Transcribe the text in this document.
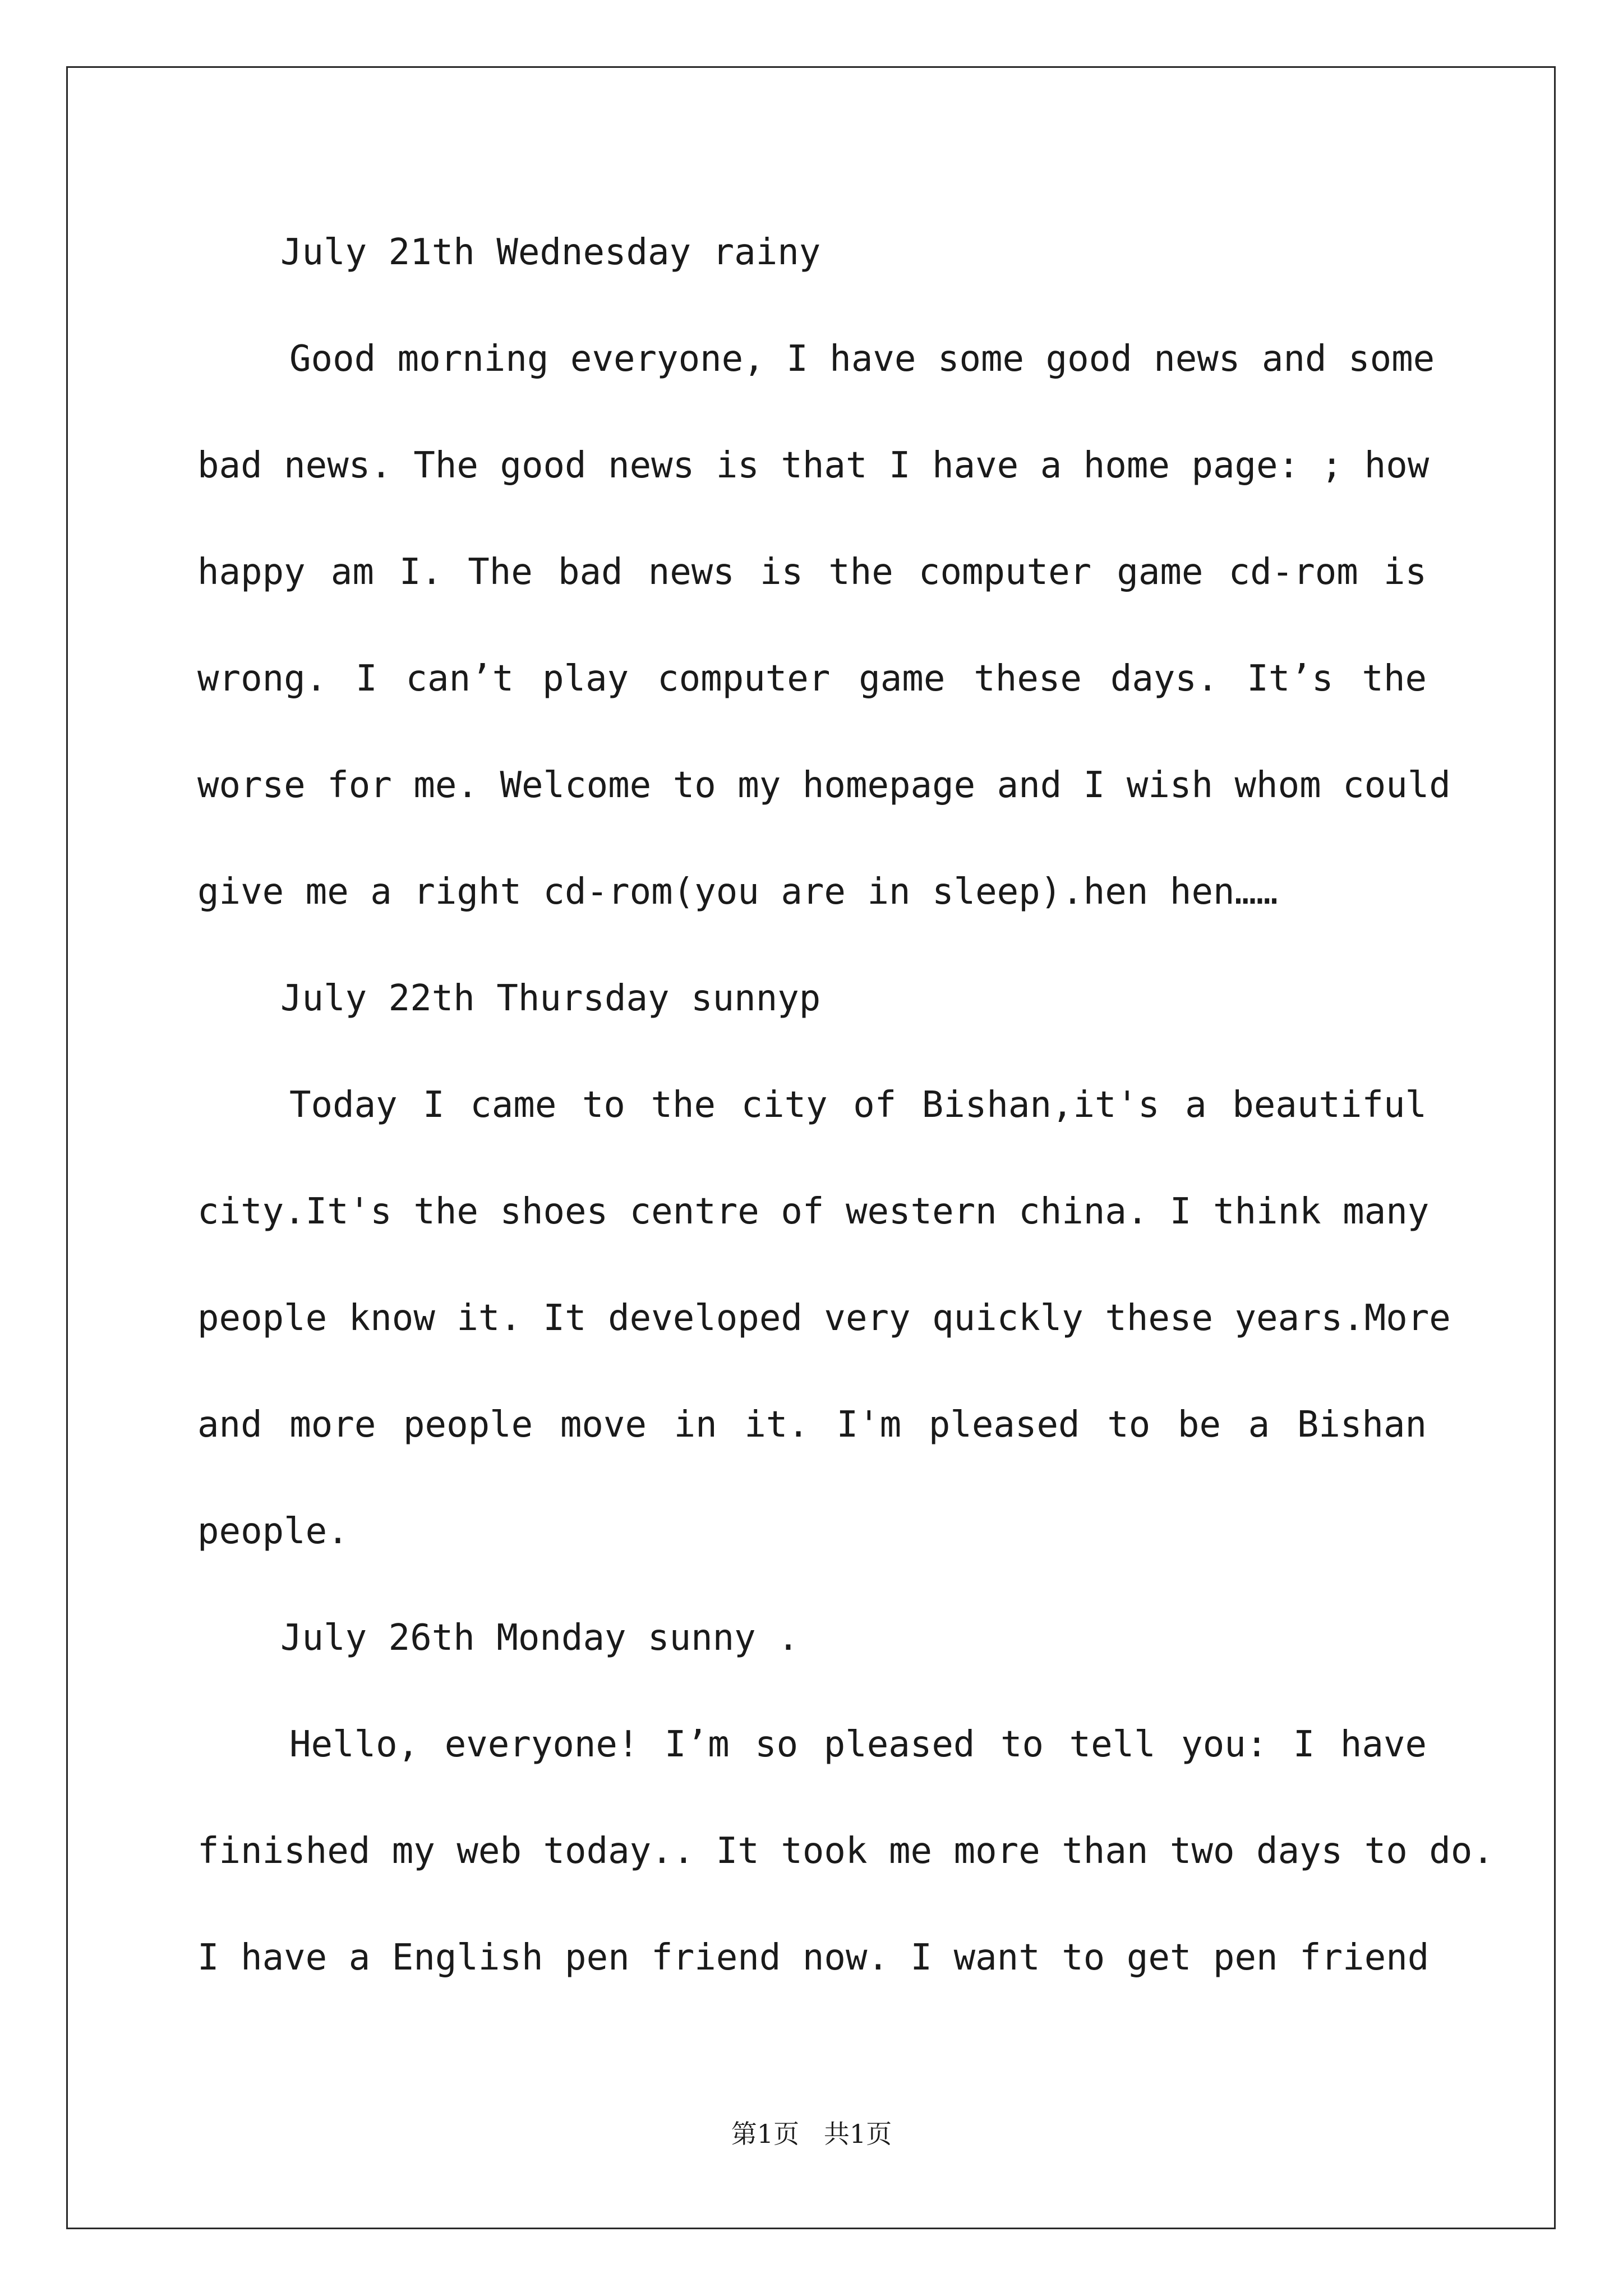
July 21th Wednesday rainy
Good morning everyone, I have some good news and some
bad news. The good news is that I have a home page: ; how
happy am I. The bad news is the computer game cd-rom is
wrong. I can’t play computer game these days. It’s the
worse for me. Welcome to my homepage and I wish whom could
give me a right cd-rom(you are in sleep).hen hen……
July 22th Thursday sunnyp
Today I came to the city of Bishan,it's a beautiful
city.It's the shoes centre of western china. I think many
people know it. It developed very quickly these years.More
and more people move in it. I'm pleased to be a Bishan
people.
July 26th Monday sunny .
Hello, everyone! I’m so pleased to tell you: I have
finished my web today.. It took me more than two days to do.
I have a English pen friend now. I want to get pen friend
第1页   共1页
